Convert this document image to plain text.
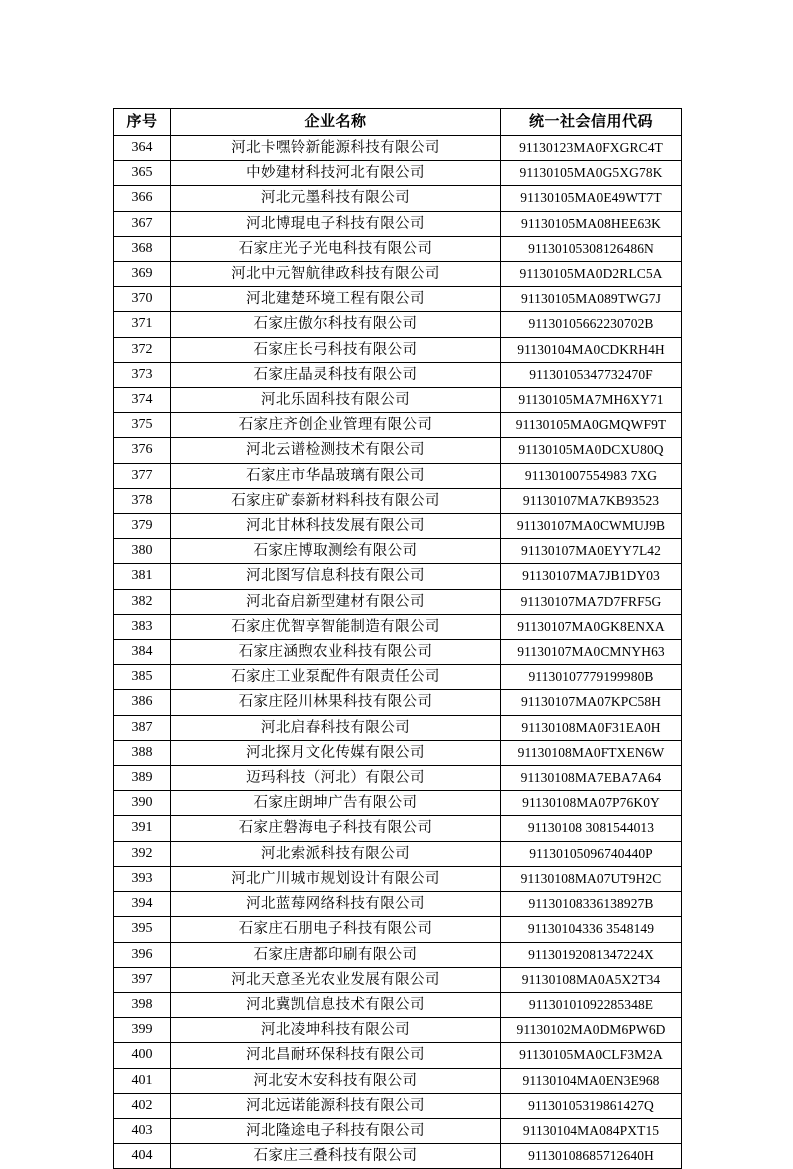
序号	企业名称	统一社会信用代码
364	河北卡嘿铃新能源科技有限公司	91130123MA0FXGRC4T
365	中妙建材科技河北有限公司	91130105MA0G5XG78K
366	河北元墨科技有限公司	91130105MA0E49WT7T
367	河北博琨电子科技有限公司	91130105MA08HEE63K
368	石家庄光子光电科技有限公司	91130105308126486N
369	河北中元智航律政科技有限公司	91130105MA0D2RLC5A
370	河北建楚环境工程有限公司	91130105MA089TWG7J
371	石家庄傲尔科技有限公司	91130105662230702B
372	石家庄长弓科技有限公司	91130104MA0CDKRH4H
373	石家庄晶灵科技有限公司	91130105347732470F
374	河北乐固科技有限公司	91130105MA7MH6XY71
375	石家庄齐创企业管理有限公司	91130105MA0GMQWF9T
376	河北云谱检测技术有限公司	91130105MA0DCXU80Q
377	石家庄市华晶玻璃有限公司	911301007554983 7XG
378	石家庄矿泰新材料科技有限公司	91130107MA7KB93523
379	河北甘林科技发展有限公司	91130107MA0CWMUJ9B
380	石家庄博取测绘有限公司	91130107MA0EYY7L42
381	河北图写信息科技有限公司	91130107MA7JB1DY03
382	河北奋启新型建材有限公司	91130107MA7D7FRF5G
383	石家庄优智享智能制造有限公司	91130107MA0GK8ENXA
384	石家庄涵煦农业科技有限公司	91130107MA0CMNYH63
385	石家庄工业泵配件有限责任公司	91130107779199980B
386	石家庄陉川林果科技有限公司	91130107MA07KPC58H
387	河北启春科技有限公司	91130108MA0F31EA0H
388	河北探月文化传媒有限公司	91130108MA0FTXEN6W
389	迈玛科技（河北）有限公司	91130108MA7EBA7A64
390	石家庄朗坤广告有限公司	91130108MA07P76K0Y
391	石家庄磐海电子科技有限公司	91130108 3081544013
392	河北索派科技有限公司	91130105096740440P
393	河北广川城市规划设计有限公司	91130108MA07UT9H2C
394	河北蓝莓网络科技有限公司	91130108336138927B
395	石家庄石朋电子科技有限公司	91130104336 3548149
396	石家庄唐都印刷有限公司	91130192081347224X
397	河北天意圣光农业发展有限公司	91130108MA0A5X2T34
398	河北冀凯信息技术有限公司	91130101092285348E
399	河北凌坤科技有限公司	91130102MA0DM6PW6D
400	河北昌耐环保科技有限公司	91130105MA0CLF3M2A
401	河北安木安科技有限公司	91130104MA0EN3E968
402	河北远诺能源科技有限公司	91130105319861427Q
403	河北隆途电子科技有限公司	91130104MA084PXT15
404	石家庄三叠科技有限公司	91130108685712640H
